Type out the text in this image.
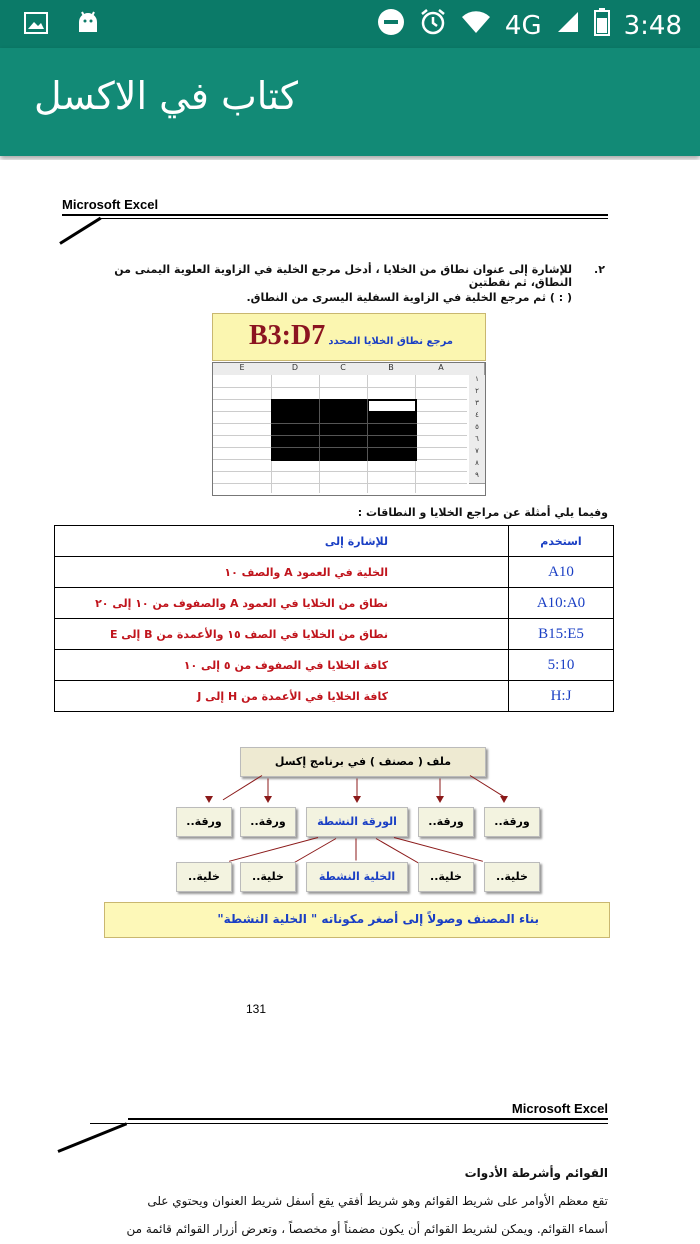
4G	3:48
كتاب في الاكسل
Microsoft Excel
٢.
للإشارة إلى عنوان نطاق من الخلايا ، أدخل مرجع الخلية في الزاوية العلوية اليمنى من النطاق، ثم نقطتين
( : ) ثم مرجع الخلية في الزاوية السفلية اليسرى من النطاق.
B3:D7 مرجع نطاق الخلايا المحدد
E	D	C	B	A
١
٢
٣
٤
٥
٦
٧
٨
٩
وفيما يلي أمثلة عن مراجع الخلايا و النطاقات :
للإشارة إلى	استخدم
الخلية في العمود A والصف ١٠	A10
نطاق من الخلايا في العمود A والصفوف من ١٠ إلى ٢٠	A10:A0
نطاق من الخلايا في الصف ١٥ والأعمدة من B إلى E	B15:E5
كافة الخلايا في الصفوف من ٥ إلى ١٠	5:10
كافة الخلايا في الأعمدة من H إلى J	H:J
ملف ( مصنف ) في برنامج إكسل
ورقة..	ورقة..	الورقة النشطة	ورقة..	ورقة..
خلية..	خلية..	الخلية النشطة	خلية..	خلية..
بناء المصنف وصولاً إلى أصغر مكوناته " الخلية النشطة"
131
Microsoft Excel
القوائم وأشرطة الأدوات
تقع معظم الأوامر على شريط القوائم وهو شريط أفقي يقع أسفل شريط العنوان ويحتوي على
أسماء القوائم. ويمكن لشريط القوائم أن يكون مضمناً أو مخصصاً ، وتعرض أزرار القوائم قائمة من
